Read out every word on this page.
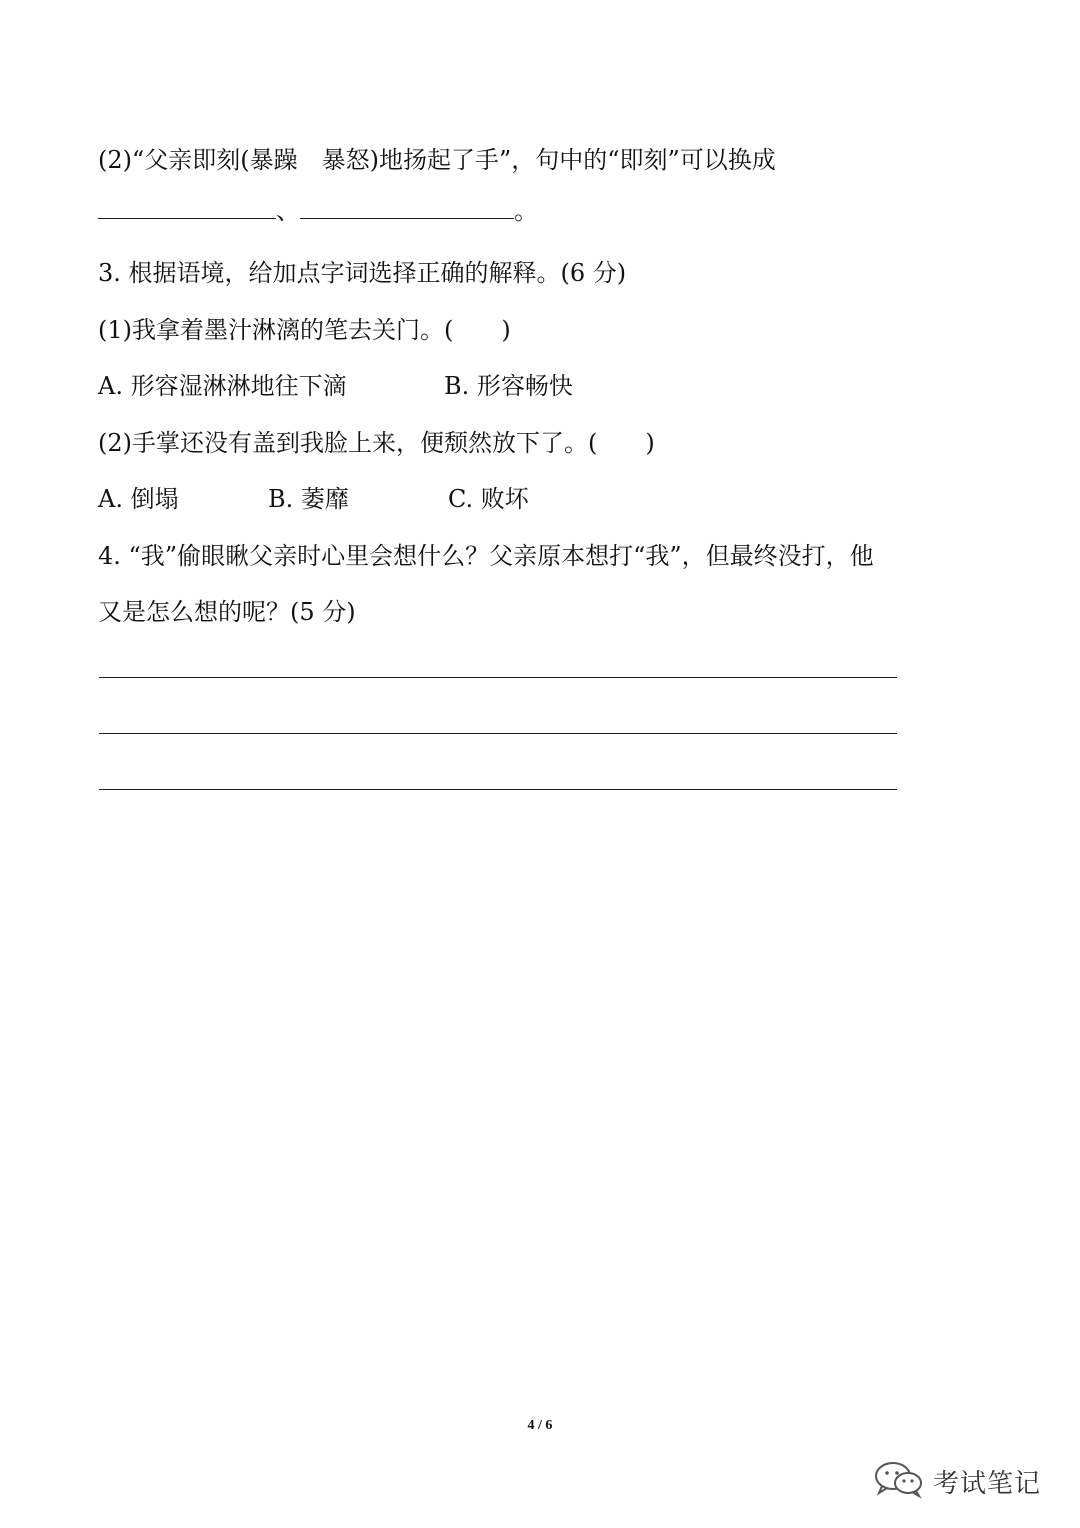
(2)“父亲即刻(暴躁　暴怒)地扬起了手”，句中的“即刻”可以换成
、	。
3. 根据语境，给加点字词选择正确的解释。(6 分)
(1)我拿着墨汁淋漓的笔去关门。(　　)
A. 形容湿淋淋地往下滴	B. 形容畅快
(2)手掌还没有盖到我脸上来，便颓然放下了。(　　)
A. 倒塌	B. 萎靡	C. 败坏
4. “我”偷眼瞅父亲时心里会想什么？父亲原本想打“我”，但最终没打，他
又是怎么想的呢？(5 分)
4 / 6
考试笔记
